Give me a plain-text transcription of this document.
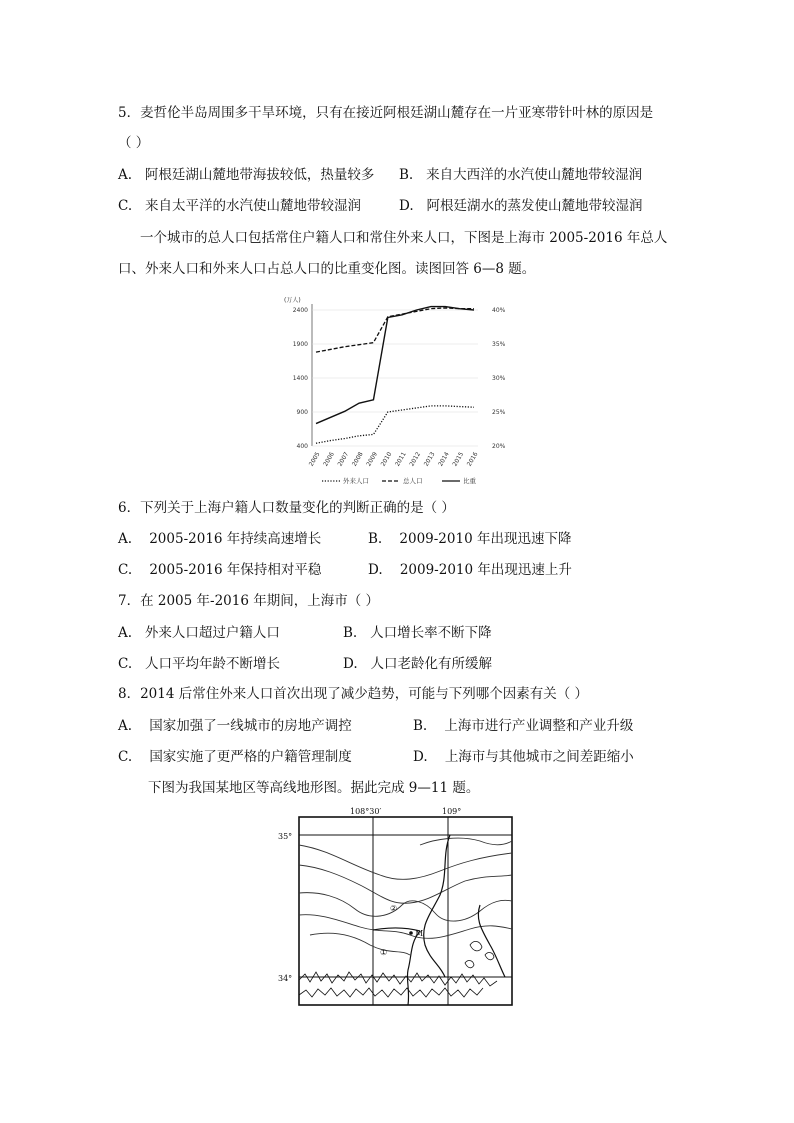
5．麦哲伦半岛周围多干旱环境，只有在接近阿根廷湖山麓存在一片亚寒带针叶林的原因是
（ ）
A. 阿根廷湖山麓地带海拔较低，热量较多 B. 来自大西洋的水汽使山麓地带较湿润
C. 来自太平洋的水汽使山麓地带较湿润	D. 阿根廷湖水的蒸发使山麓地带较湿润
一个城市的总人口包括常住户籍人口和常住外来人口，下图是上海市 2005-2016 年总人
口、外来人口和外来人口占总人口的比重变化图。读图回答 6—8 题。
(万人)
2400
1900
1400
900
400
40%
35%
30%
25%
20%
2005 2006 2007 2008 2009 2010 2011 2012 2013 2014 2015 2016
外来人口	总人口	比重
6．下列关于上海户籍人口数量变化的判断正确的是（ ）
A. 2005-2016 年持续高速增长	B. 2009-2010 年出现迅速下降
C. 2005-2016 年保持相对平稳	D. 2009-2010 年出现迅速上升
7．在 2005 年-2016 年期间，上海市（ ）
A. 外来人口超过户籍人口	B. 人口增长率不断下降
C. 人口平均年龄不断增长	D. 人口老龄化有所缓解
8．2014 后常住外来人口首次出现了减少趋势，可能与下列哪个因素有关（ ）
A. 国家加强了一线城市的房地产调控	B. 上海市进行产业调整和产业升级
C. 国家实施了更严格的户籍管理制度	D. 上海市与其他城市之间差距缩小
下图为我国某地区等高线地形图。据此完成 9—11 题。
108°30′	109°
35°
34°
②
①
M
